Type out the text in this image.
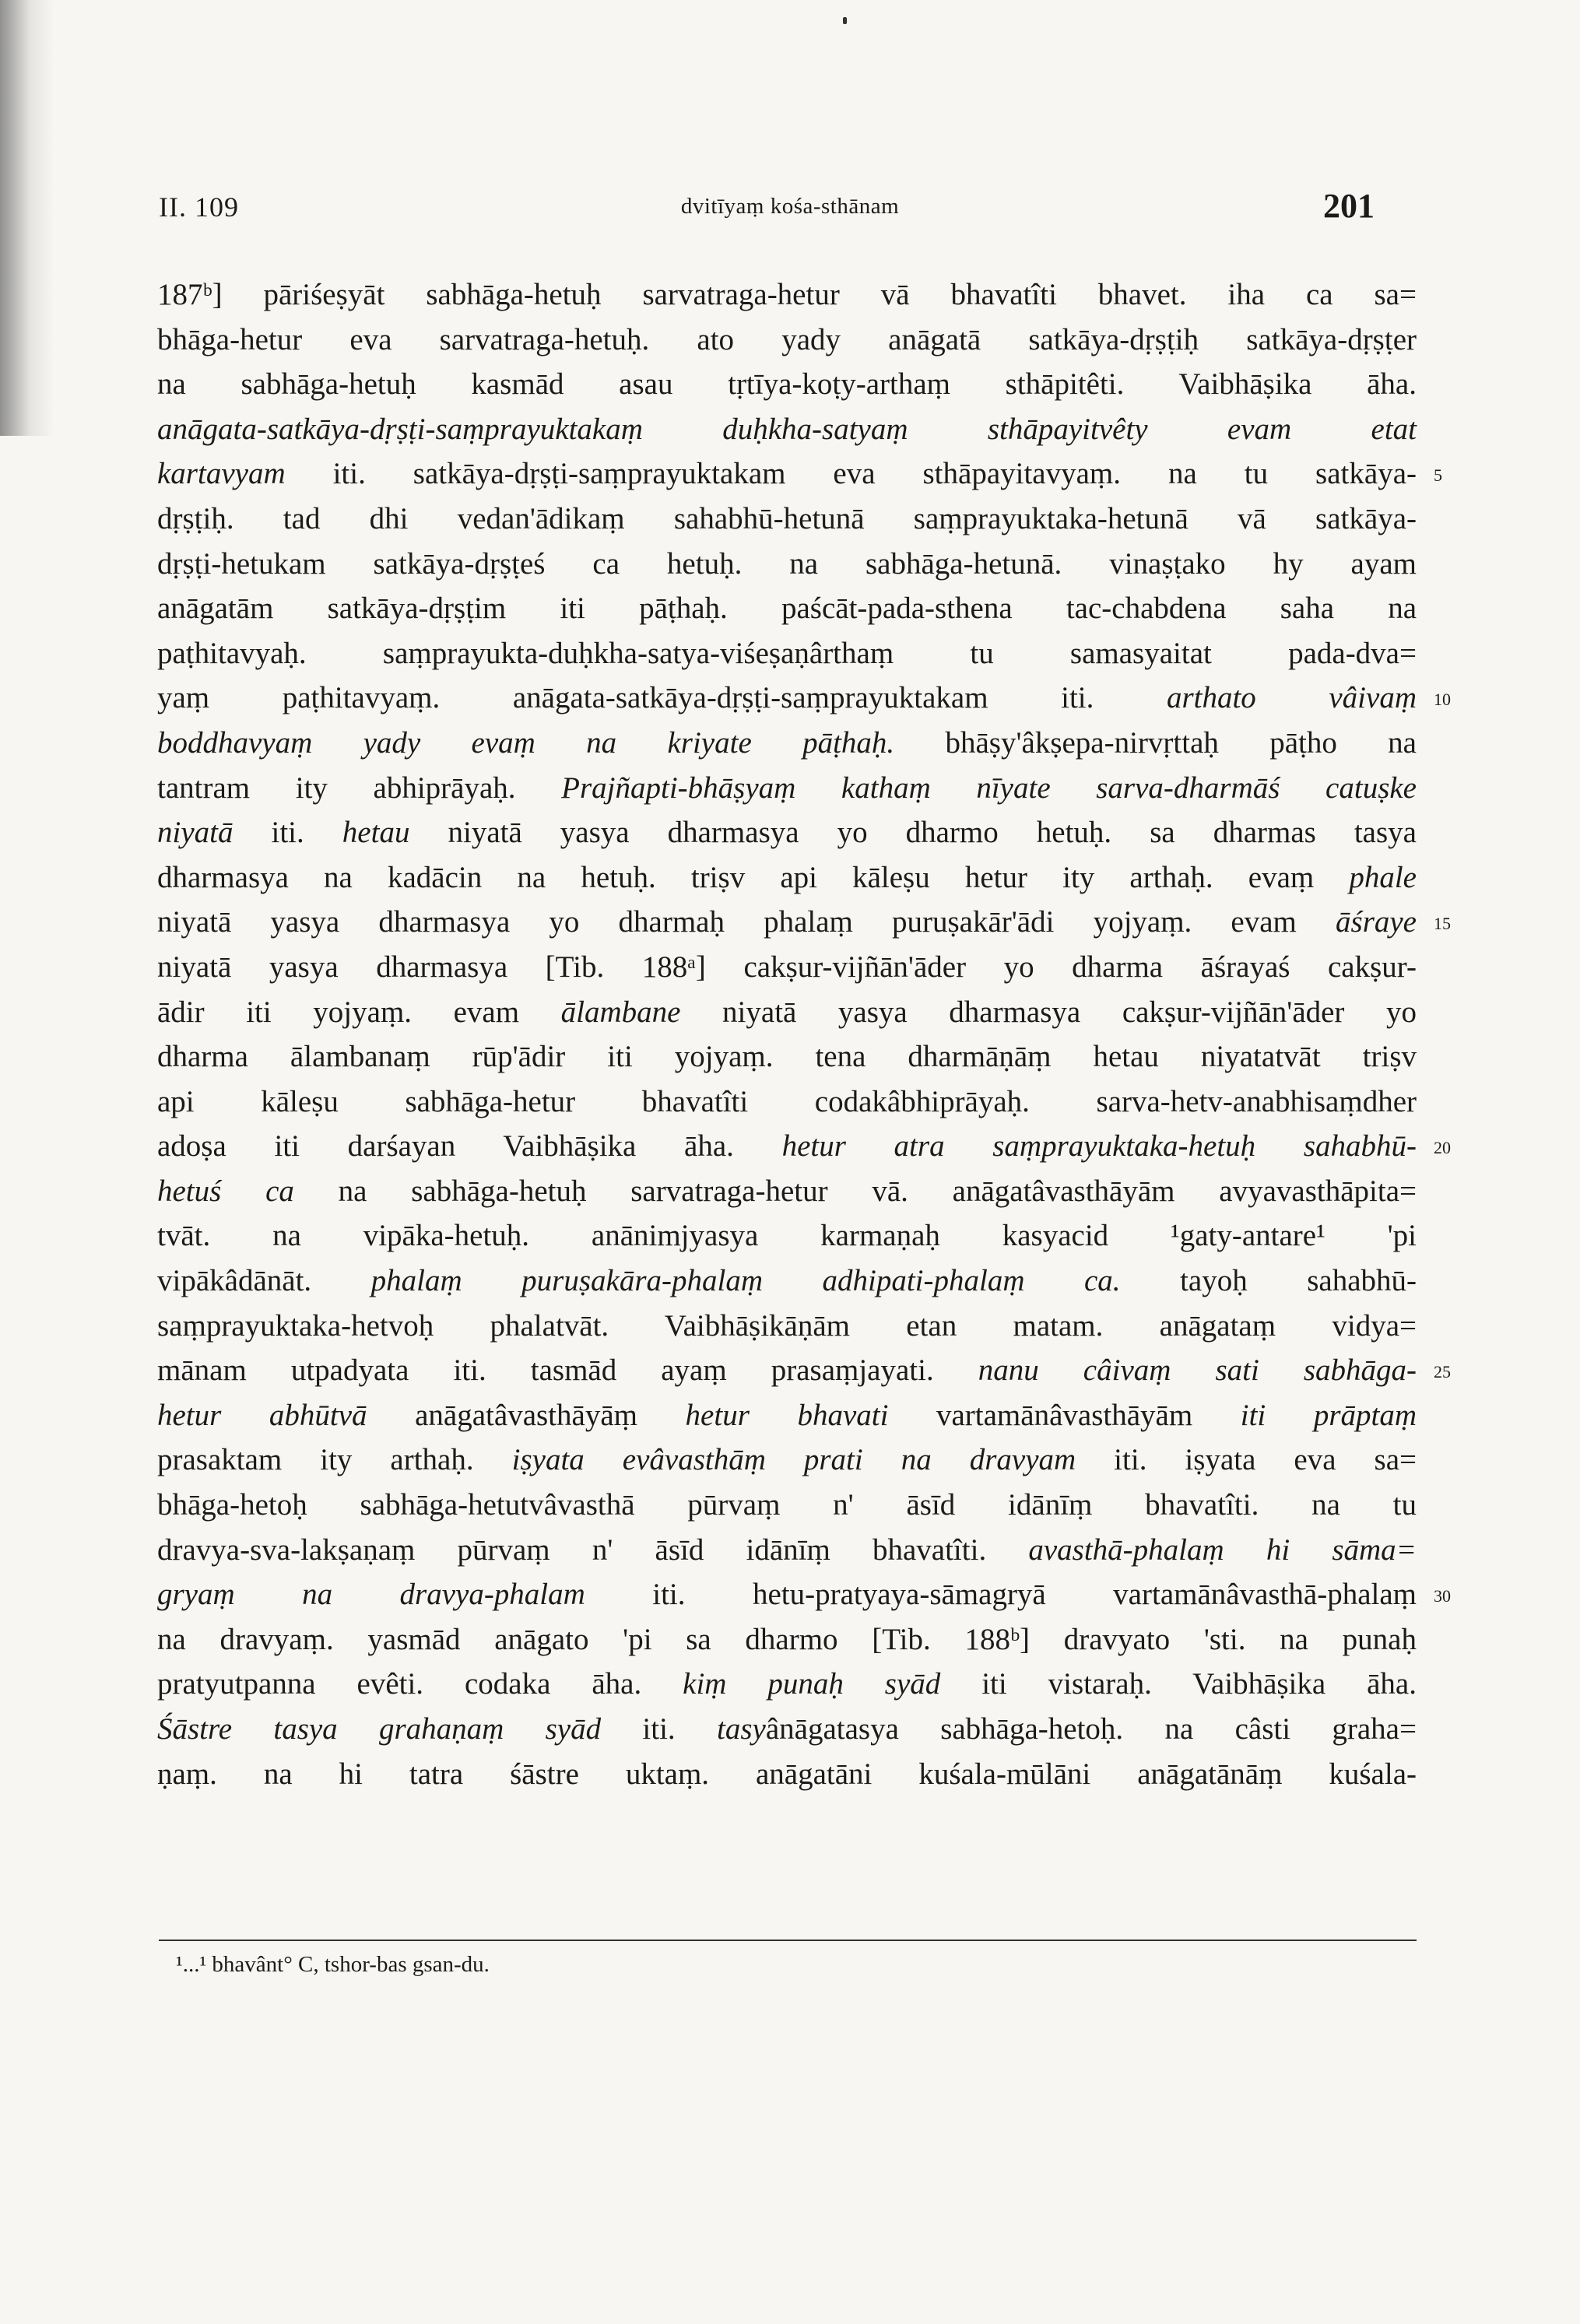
II. 109	dvitīyaṃ kośa-sthānam	201
187ᵇ] pāriśeṣyāt sabhāga-hetuḥ sarvatraga-hetur vā bhavatîti bhavet. iha ca sa=
bhāga-hetur eva sarvatraga-hetuḥ. ato yady anāgatā satkāya-dṛṣṭiḥ satkāya-dṛṣṭer
na sabhāga-hetuḥ kasmād asau tṛtīya-koṭy-arthaṃ sthāpitêti. Vaibhāṣika āha.
anāgata-satkāya-dṛṣṭi-saṃprayuktakaṃ duḥkha-satyaṃ sthāpayitvêty evam etat
kartavyam iti. satkāya-dṛṣṭi-saṃprayuktakam eva sthāpayitavyaṃ. na tu satkāya- 5
dṛṣṭiḥ. tad dhi vedan'ādikaṃ sahabhū-hetunā saṃprayuktaka-hetunā vā satkāya-
dṛṣṭi-hetukam satkāya-dṛṣṭeś ca hetuḥ. na sabhāga-hetunā. vinaṣṭako hy ayam
anāgatām satkāya-dṛṣṭim iti pāṭhaḥ. paścāt-pada-sthena tac-chabdena saha na
paṭhitavyaḥ. saṃprayukta-duḥkha-satya-viśeṣaṇârthaṃ tu samasyaitat pada-dva=
yaṃ paṭhitavyaṃ. anāgata-satkāya-dṛṣṭi-saṃprayuktakam iti. arthato vâivaṃ 10
boddhavyaṃ yady evaṃ na kriyate pāṭhaḥ. bhāṣy'âkṣepa-nirvṛttaḥ pāṭho na
tantram ity abhiprāyaḥ. Prajñapti-bhāṣyaṃ kathaṃ nīyate sarva-dharmāś catuṣke
niyatā iti. hetau niyatā yasya dharmasya yo dharmo hetuḥ. sa dharmas tasya
dharmasya na kadācin na hetuḥ. triṣv api kāleṣu hetur ity arthaḥ. evaṃ phale
niyatā yasya dharmasya yo dharmaḥ phalaṃ puruṣakār'ādi yojyaṃ. evam āśraye 15
niyatā yasya dharmasya [Tib. 188ᵃ] cakṣur-vijñān'āder yo dharma āśrayaś cakṣur-
ādir iti yojyaṃ. evam ālambane niyatā yasya dharmasya cakṣur-vijñān'āder yo
dharma ālambanaṃ rūp'ādir iti yojyaṃ. tena dharmāṇāṃ hetau niyatatvāt triṣv
api kāleṣu sabhāga-hetur bhavatîti codakâbhiprāyaḥ. sarva-hetv-anabhisaṃdher
adoṣa iti darśayan Vaibhāṣika āha. hetur atra saṃprayuktaka-hetuḥ sahabhū- 20
hetuś ca na sabhāga-hetuḥ sarvatraga-hetur vā. anāgatâvasthāyām avyavasthāpita=
tvāt. na vipāka-hetuḥ. anānimjyasya karmaṇaḥ kasyacid ¹gaty-antare¹ 'pi
vipākâdānāt. phalaṃ puruṣakāra-phalaṃ adhipati-phalaṃ ca. tayoḥ sahabhū-
saṃprayuktaka-hetvoḥ phalatvāt. Vaibhāṣikāṇām etan matam. anāgataṃ vidya=
mānam utpadyata iti. tasmād ayaṃ prasaṃjayati. nanu câivaṃ sati sabhāga- 25
hetur abhūtvā anāgatâvasthāyāṃ hetur bhavati vartamānâvasthāyām iti prāptaṃ
prasaktam ity arthaḥ. iṣyata evâvasthāṃ prati na dravyam iti. iṣyata eva sa=
bhāga-hetoḥ sabhāga-hetutvâvasthā pūrvaṃ n' āsīd idānīṃ bhavatîti. na tu
dravya-sva-lakṣaṇaṃ pūrvaṃ n' āsīd idānīṃ bhavatîti. avasthā-phalaṃ hi sāma=
gryaṃ na dravya-phalam iti. hetu-pratyaya-sāmagryā vartamānâvasthā-phalaṃ 30
na dravyaṃ. yasmād anāgato 'pi sa dharmo [Tib. 188ᵇ] dravyato 'sti. na punaḥ
pratyutpanna evêti. codaka āha. kiṃ punaḥ syād iti vistaraḥ. Vaibhāṣika āha.
Śāstre tasya grahaṇaṃ syād iti. tasyânāgatasya sabhāga-hetoḥ. na câsti graha=
ṇaṃ. na hi tatra śāstre uktaṃ. anāgatāni kuśala-mūlāni anāgatānāṃ kuśala-
¹...¹ bhavânt° C, tshor-bas gsan-du.
